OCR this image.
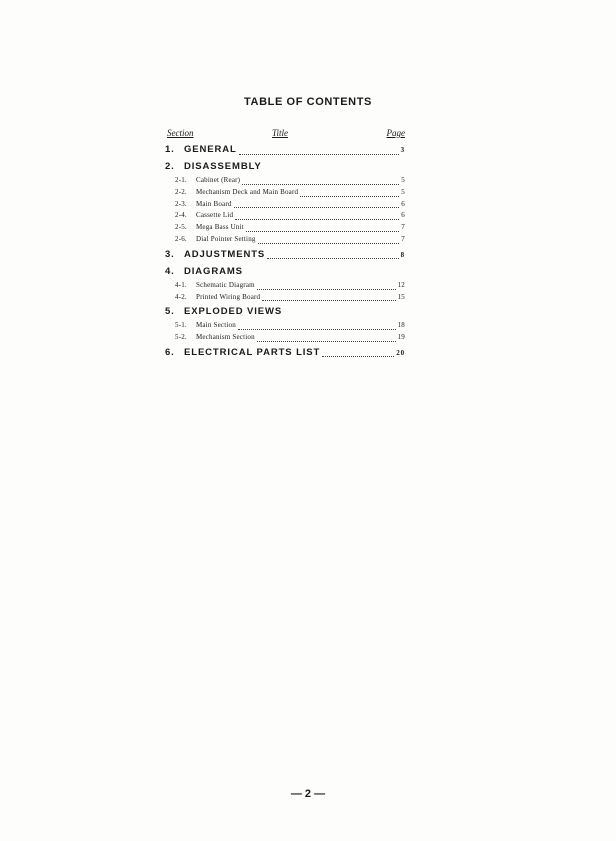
TABLE OF CONTENTS
Section	Title	Page
1. GENERAL	3
2. DISASSEMBLY
2-1.	Cabinet (Rear)	5
2-2.	Mechanism Deck and Main Board	5
2-3.	Main Board	6
2-4.	Cassette Lid	6
2-5.	Mega Bass Unit	7
2-6.	Dial Pointer Setting	7
3. ADJUSTMENTS	8
4. DIAGRAMS
4-1.	Schematic Diagram	12
4-2.	Printed Wiring Board	15
5. EXPLODED VIEWS
5-1.	Main Section	18
5-2.	Mechanism Section	19
6. ELECTRICAL PARTS LIST	20
— 2 —
